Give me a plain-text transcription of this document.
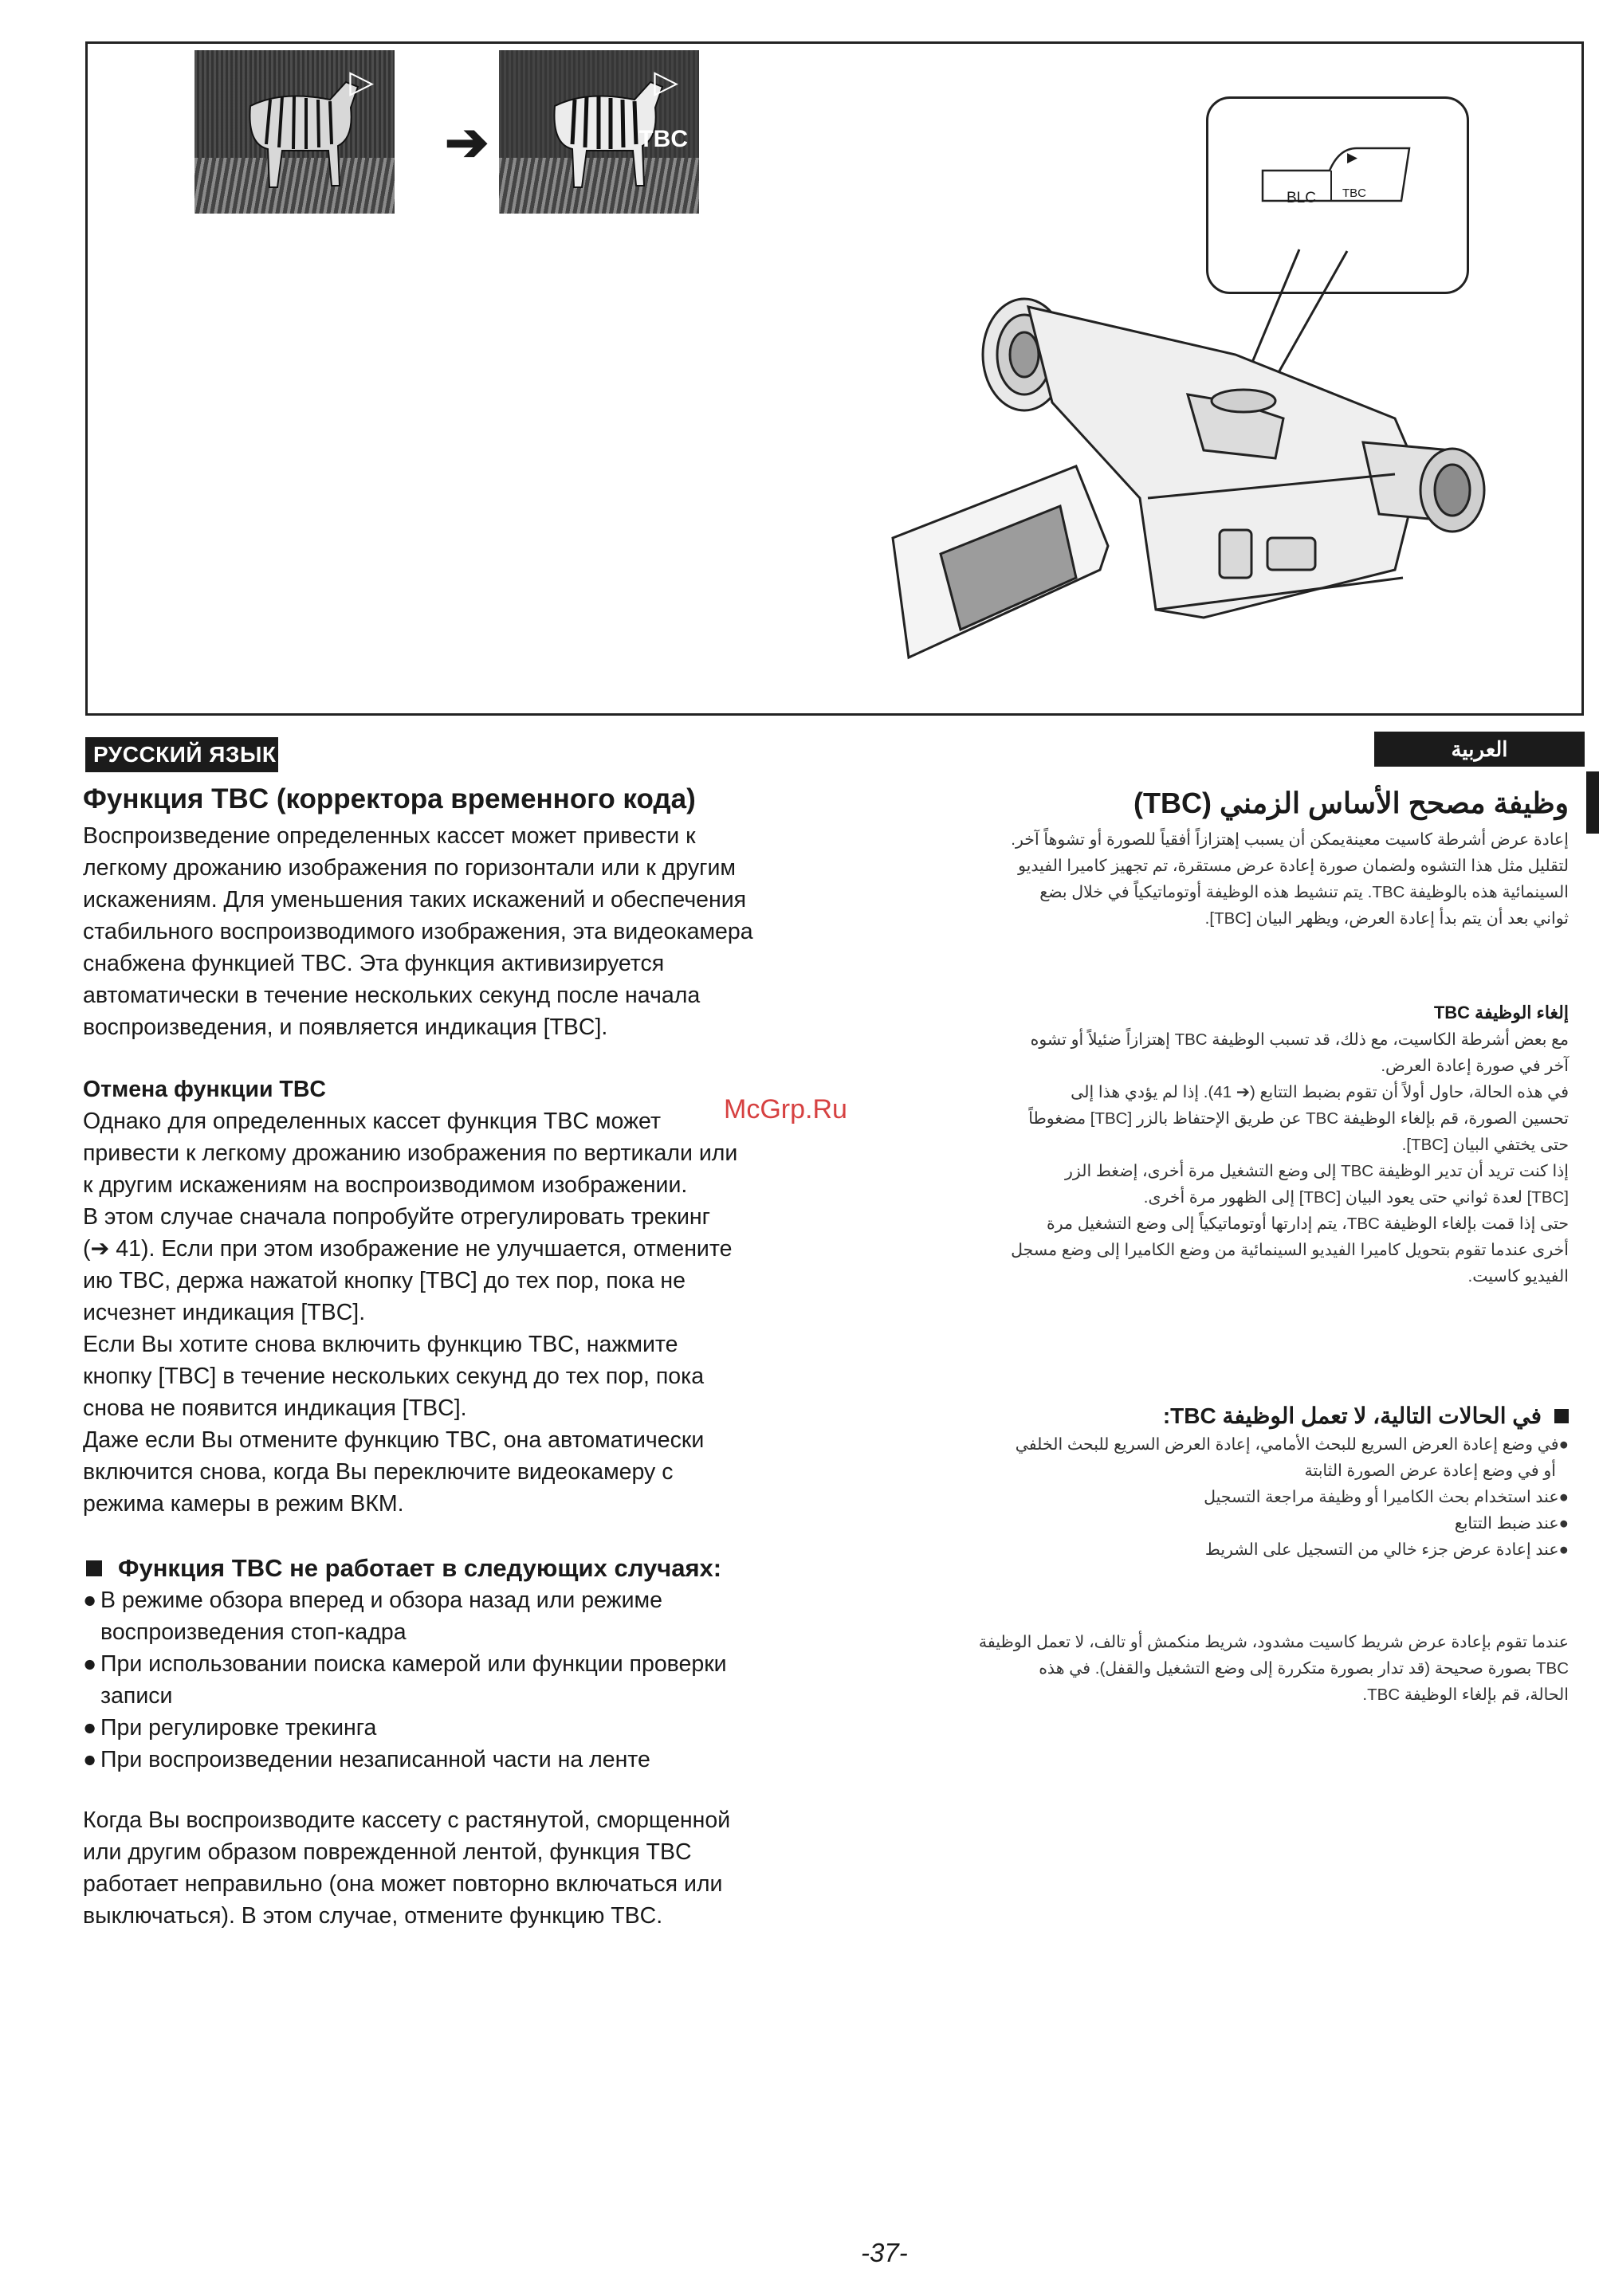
▷
➔
▷
TBC
▶
BLC TBC
РУССКИЙ ЯЗЫК	العربية
Функция TBC (корректора временного кода)

Воспроизведение определенных кассет может привести к

легкому дрожанию изображения по горизонтали или к другим

искажениям. Для уменьшения таких искажений и обеспечения

стабильного воспроизводимого изображения, эта видеокамера

снабжена функцией TBC. Эта функция активизируется

автоматически в течение нескольких секунд после начала

воспроизведения, и появляется индикация [TBC].

Отмена функции TBC

Однако для определенных кассет функция TBC может

привести к легкому дрожанию изображения по вертикали или

к другим искажениям на воспроизводимом изображении.

В этом случае сначала попробуйте отрегулировать трекинг

(➔ 41). Если при этом изображение не улучшается, отмените

ию TBC, держа нажатой кнопку [TBC] до тех пор, пока не

исчезнет индикация [TBC].

Если Вы хотите снова включить функцию TBC, нажмите

кнопку [TBC] в течение нескольких секунд до тех пор, пока

снова не появится индикация [TBC].

Даже если Вы отмените функцию TBC, она автоматически

включится снова, когда Вы переключите видеокамеру с

режима камеры в режим ВКМ.

Функция TBC не работает в следующих случаях:
● В режиме обзора вперед и обзора назад или режиме
воспроизведения стоп-кадра
● При использовании поиска камерой или функции проверки
записи
● При регулировке трекинга
● При воспроизведении незаписанной части на ленте

Когда Вы воспроизводите кассету с растянутой, сморщенной

или другим образом поврежденной лентой, функция TBC

работает неправильно (она может повторно включаться или

выключаться). В этом случае, отмените функцию TBC.

وظيفة مصحح الأساس الزمني (TBC)

إعادة عرض أشرطة كاسيت معينةيمكن أن يسبب إهتزازاً أفقياً للصورة أو تشوهاً آخر.

لتقليل مثل هذا التشوه ولضمان صورة إعادة عرض مستقرة، تم تجهيز كاميرا الفيديو

السينمائية هذه بالوظيفة TBC. يتم تنشيط هذه الوظيفة أوتوماتيكياً في خلال بضع

ثواني بعد أن يتم بدأ إعادة العرض، ويظهر البيان [TBC].

إلغاء الوظيفة TBC

مع بعض أشرطة الكاسيت، مع ذلك، قد تسبب الوظيفة TBC إهتزازاً ضئيلاً أو تشوه

آخر في صورة إعادة العرض.

في هذه الحالة، حاول أولاً أن تقوم بضبط التتابع (➔ 41). إذا لم يؤدي هذا إلى

تحسين الصورة، قم بإلغاء الوظيفة TBC عن طريق الإحتفاظ بالزر [TBC] مضغوطاً

حتى يختفي البيان [TBC].

إذا كنت تريد أن تدير الوظيفة TBC إلى وضع التشغيل مرة أخرى، إضغط الزر

[TBC] لعدة ثواني حتى يعود البيان [TBC] إلى الظهور مرة أخرى.

حتى إذا قمت بإلغاء الوظيفة TBC، يتم إدارتها أوتوماتيكياً إلى وضع التشغيل مرة

أخرى عندما تقوم بتحويل كاميرا الفيديو السينمائية من وضع الكاميرا إلى وضع مسجل

الفيديو كاسيت.

في الحالات التالية، لا تعمل الوظيفة TBC:
●في وضع إعادة العرض السريع للبحث الأمامي، إعادة العرض السريع للبحث الخلفي
أو في وضع إعادة عرض الصورة الثابتة
●عند استخدام بحث الكاميرا أو وظيفة مراجعة التسجيل
●عند ضبط التتابع
●عند إعادة عرض جزء خالي من التسجيل على الشريط

عندما تقوم بإعادة عرض شريط كاسيت مشدود، شريط منكمش أو تالف، لا تعمل الوظيفة

TBC بصورة صحيحة (قد تدار بصورة متكررة إلى وضع التشغيل والقفل). في هذه

الحالة، قم بإلغاء الوظيفة TBC.

McGrp.Ru
-37-
